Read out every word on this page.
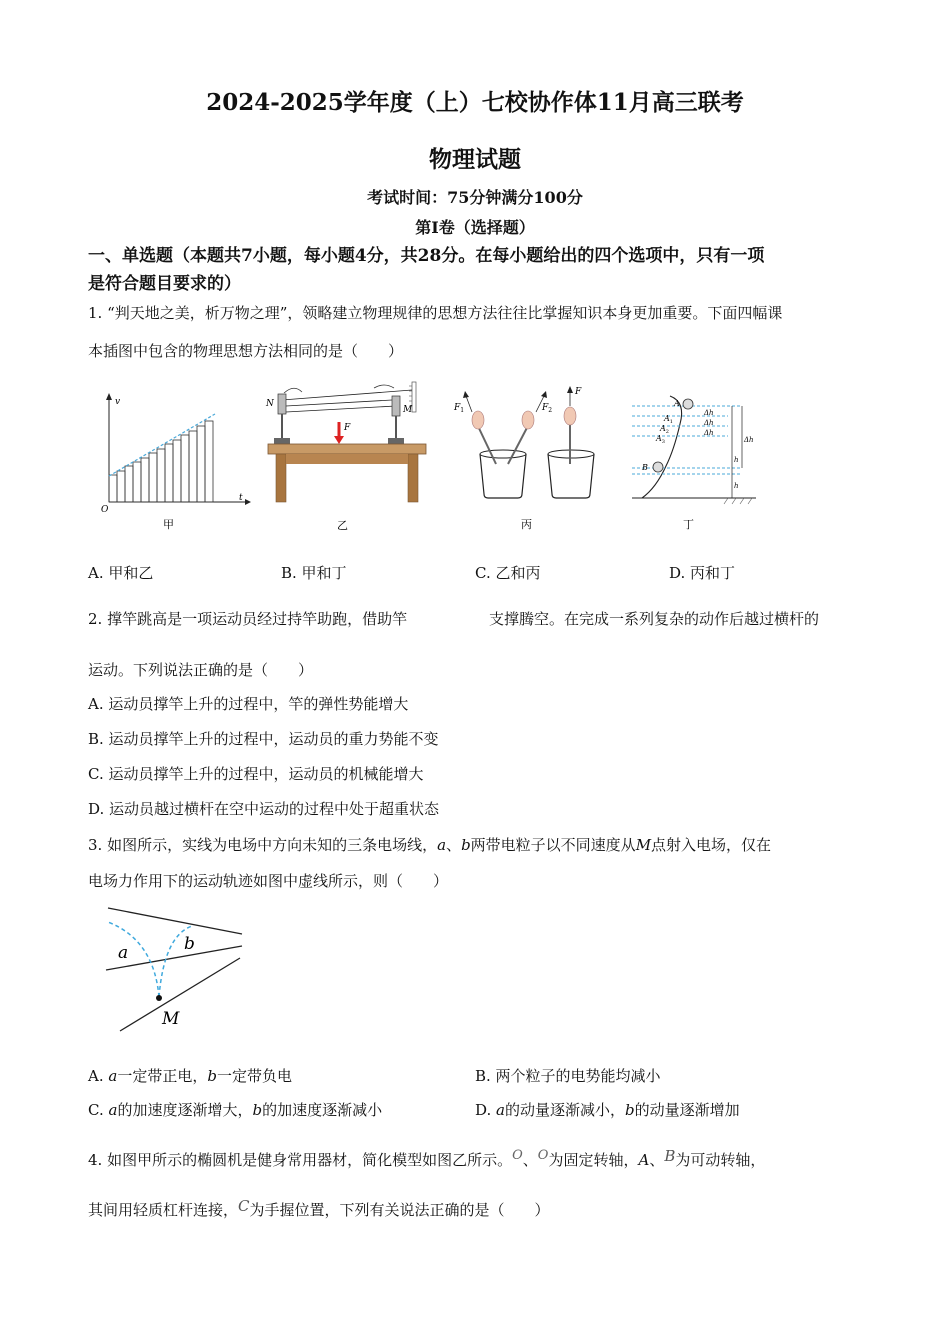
2024-2025学年度（上）七校协作体11月高三联考
物理试题
考试时间：75分钟满分100分
第I卷（选择题）
一、单选题（本题共7小题，每小题4分，共28分。在每小题给出的四个选项中，只有一项
是符合题目要求的）
1. “判天地之美，析万物之理”，领略建立物理规律的思想方法往往比掌握知识本身更加重要。下面四幅课
本插图中包含的物理思想方法相同的是（　　）
v
t
O
甲
N
M
F
乙
$F_1$	$F_2$
F
丙
A
$A_1$
$A_2$
$A_3$
B
Δh
Δh
Δh
Δh
h
h
丁
A. 甲和乙	B. 甲和丁	C. 乙和丙	D. 丙和丁
2. 撑竿跳高是一项运动员经过持竿助跑，借助竿	支撑腾空。在完成一系列复杂的动作后越过横杆的
运动。下列说法正确的是（　　）
A. 运动员撑竿上升的过程中，竿的弹性势能增大
B. 运动员撑竿上升的过程中，运动员的重力势能不变
C. 运动员撑竿上升的过程中，运动员的机械能增大
D. 运动员越过横杆在空中运动的过程中处于超重状态
3. 如图所示，实线为电场中方向未知的三条电场线，a、b两带电粒子以不同速度从M点射入电场，仅在
电场力作用下的运动轨迹如图中虚线所示，则（　　）
a	b
M
A. a一定带正电，b一定带负电	B. 两个粒子的电势能均减小
C. a的加速度逐渐增大，b的加速度逐渐减小	D. a的动量逐渐减小，b的动量逐渐增加
4. 如图甲所示的椭圆机是健身常用器材，简化模型如图乙所示。O、O为固定转轴，A、B为可动转轴，
其间用轻质杠杆连接，C为手握位置，下列有关说法正确的是（　　）
